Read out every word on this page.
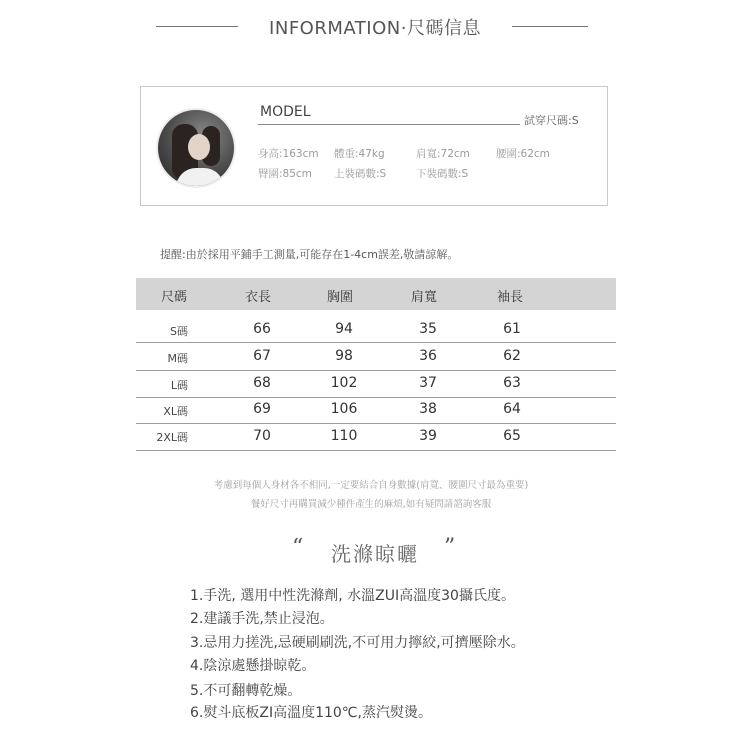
INFORMATION·尺碼信息
MODEL
試穿尺碼:S
身高:163cm 體重:47kg	肩寬:72cm 腰圍:62cm
臀圍:85cm 上裝碼數:S	下裝碼數:S
提醒:由於採用平鋪手工測量,可能存在1-4cm誤差,敬請諒解。
尺碼	衣長	胸圍	肩寬	袖長
S碼	66	94	35	61
M碼	67	98	36	62
L碼	68	102	37	63
XL碼	69	106	38	64
2XL碼	70	110	39	65
考慮到每個人身材各不相同,一定要結合自身數據(肩寬、腰圍尺寸最為重要)
餐好尺寸再購買減少種件產生的麻煩,如有疑問請諮詢客服
“	洗滌晾曬	”
1.手洗, 選用中性洗滌劑, 水溫ZUI高溫度30攝氏度。
2.建議手洗,禁止浸泡。
3.忌用力搓洗,忌硬刷刷洗,不可用力擰絞,可擠壓除水。
4.陰涼處懸掛晾乾。
5.不可翻轉乾燥。
6.熨斗底板ZI高溫度110℃,蒸汽熨燙。
